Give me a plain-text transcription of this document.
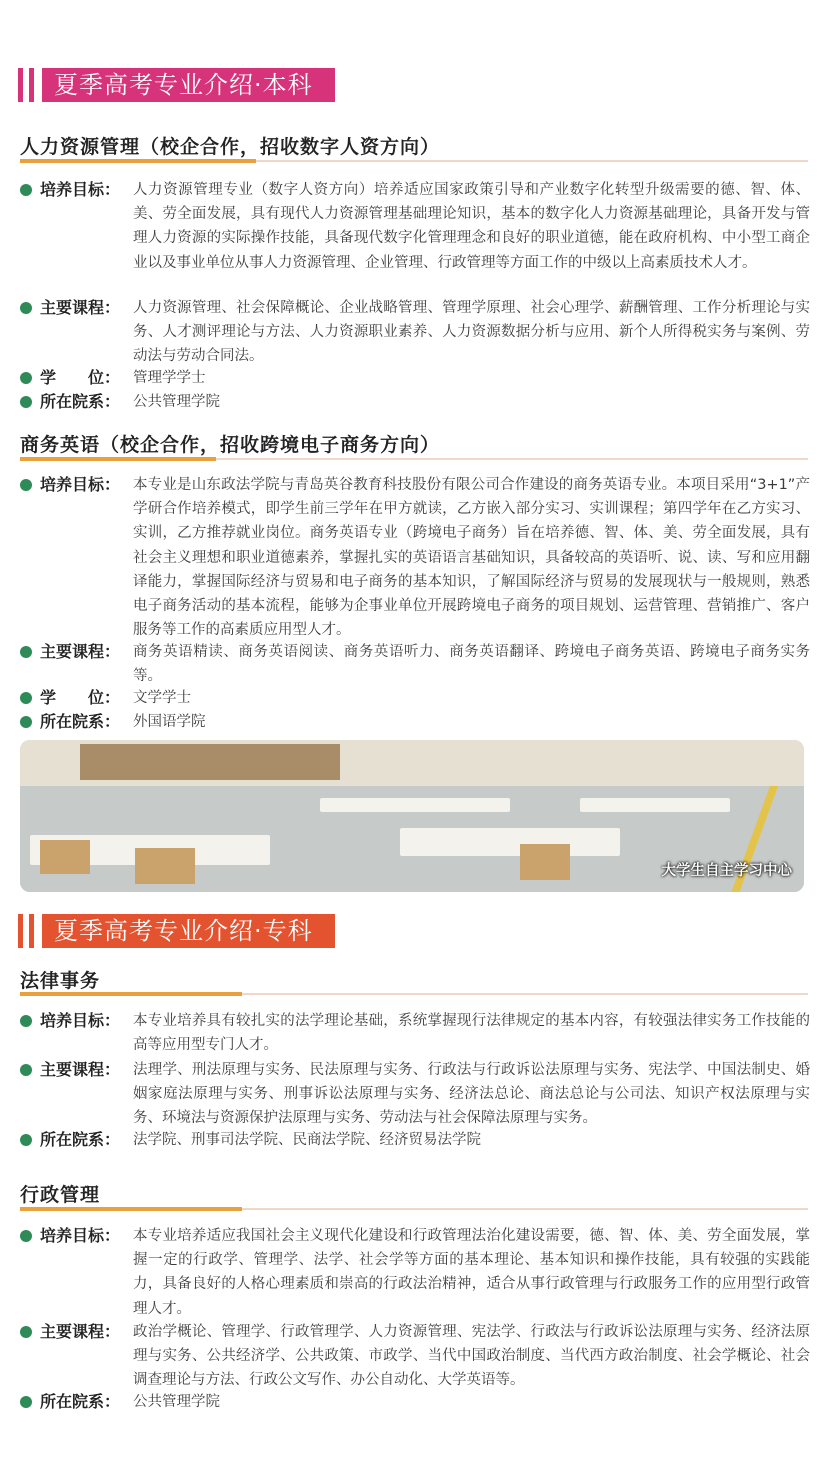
夏季高考专业介绍·本科
人力资源管理（校企合作，招收数字人资方向）
培养目标： 人力资源管理专业（数字人资方向）培养适应国家政策引导和产业数字化转型升级需要的德、智、体、美、劳全面发展，具有现代人力资源管理基础理论知识，基本的数字化人力资源基础理论，具备开发与管理人力资源的实际操作技能，具备现代数字化管理理念和良好的职业道德，能在政府机构、中小型工商企业以及事业单位从事人力资源管理、企业管理、行政管理等方面工作的中级以上高素质技术人才。
主要课程： 人力资源管理、社会保障概论、企业战略管理、管理学原理、社会心理学、薪酬管理、工作分析理论与实务、人才测评理论与方法、人力资源职业素养、人力资源数据分析与应用、新个人所得税实务与案例、劳动法与劳动合同法。
学　　位： 管理学学士
所在院系： 公共管理学院
商务英语（校企合作，招收跨境电子商务方向）
培养目标： 本专业是山东政法学院与青岛英谷教育科技股份有限公司合作建设的商务英语专业。本项目采用“3+1”产学研合作培养模式，即学生前三学年在甲方就读，乙方嵌入部分实习、实训课程；第四学年在乙方实习、实训，乙方推荐就业岗位。商务英语专业（跨境电子商务）旨在培养德、智、体、美、劳全面发展，具有社会主义理想和职业道德素养，掌握扎实的英语语言基础知识，具备较高的英语听、说、读、写和应用翻译能力，掌握国际经济与贸易和电子商务的基本知识，了解国际经济与贸易的发展现状与一般规则，熟悉电子商务活动的基本流程，能够为企事业单位开展跨境电子商务的项目规划、运营管理、营销推广、客户服务等工作的高素质应用型人才。
主要课程： 商务英语精读、商务英语阅读、商务英语听力、商务英语翻译、跨境电子商务英语、跨境电子商务实务等。
学　　位： 文学学士
所在院系： 外国语学院
大学生自主学习中心
夏季高考专业介绍·专科
法律事务
培养目标： 本专业培养具有较扎实的法学理论基础，系统掌握现行法律规定的基本内容，有较强法律实务工作技能的高等应用型专门人才。
主要课程： 法理学、刑法原理与实务、民法原理与实务、行政法与行政诉讼法原理与实务、宪法学、中国法制史、婚姻家庭法原理与实务、刑事诉讼法原理与实务、经济法总论、商法总论与公司法、知识产权法原理与实务、环境法与资源保护法原理与实务、劳动法与社会保障法原理与实务。
所在院系： 法学院、刑事司法学院、民商法学院、经济贸易法学院
行政管理
培养目标： 本专业培养适应我国社会主义现代化建设和行政管理法治化建设需要，德、智、体、美、劳全面发展，掌握一定的行政学、管理学、法学、社会学等方面的基本理论、基本知识和操作技能，具有较强的实践能力，具备良好的人格心理素质和崇高的行政法治精神，适合从事行政管理与行政服务工作的应用型行政管理人才。
主要课程： 政治学概论、管理学、行政管理学、人力资源管理、宪法学、行政法与行政诉讼法原理与实务、经济法原理与实务、公共经济学、公共政策、市政学、当代中国政治制度、当代西方政治制度、社会学概论、社会调查理论与方法、行政公文写作、办公自动化、大学英语等。
所在院系： 公共管理学院
